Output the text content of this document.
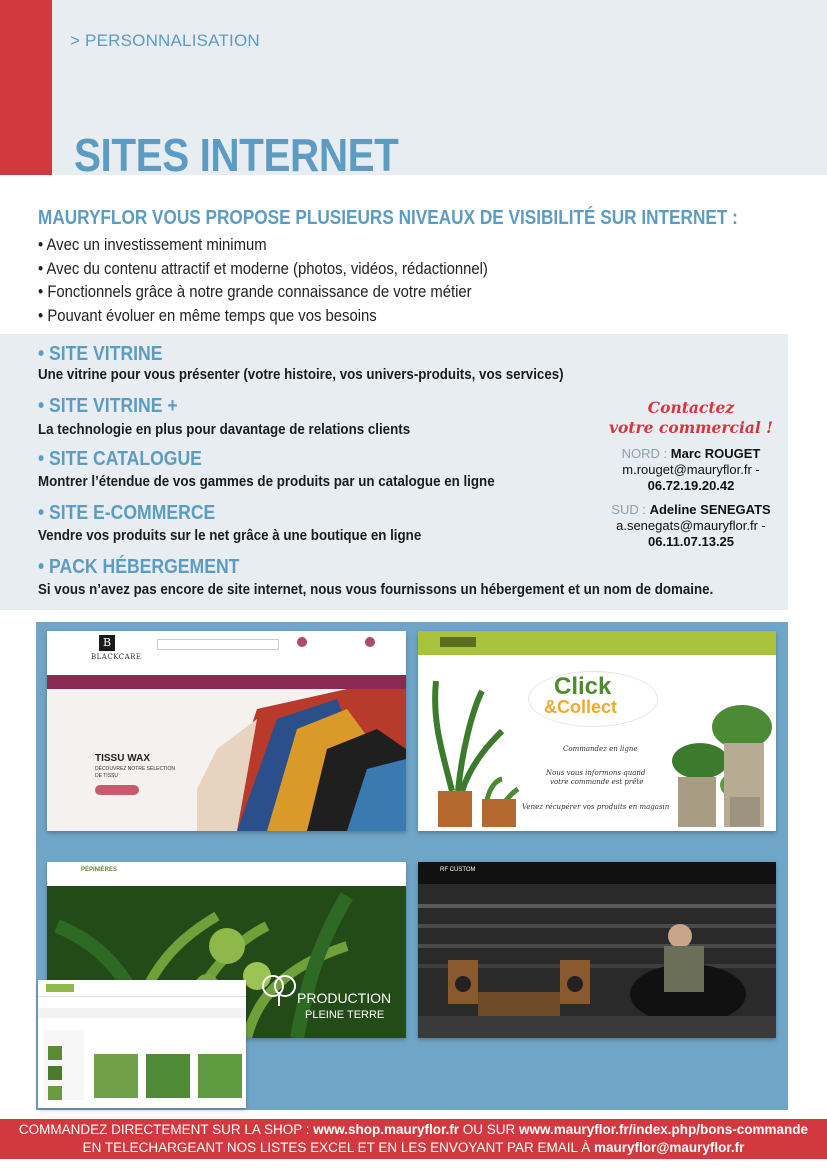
> PERSONNALISATION
SITES INTERNET
MAURYFLOR VOUS PROPOSE PLUSIEURS NIVEAUX DE VISIBILITÉ SUR INTERNET :
• Avec un investissement minimum
• Avec du contenu attractif et moderne (photos, vidéos, rédactionnel)
• Fonctionnels grâce à notre grande connaissance de votre métier
• Pouvant évoluer en même temps que vos besoins
• SITE VITRINE
Une vitrine pour vous présenter (votre histoire, vos univers-produits, vos services)
• SITE VITRINE +
La technologie en plus pour davantage de relations clients
• SITE CATALOGUE
Montrer l’étendue de vos gammes de produits par un catalogue en ligne
• SITE E-COMMERCE
Vendre vos produits sur le net grâce à une boutique en ligne
• PACK HÉBERGEMENT
Si vous n’avez pas encore de site internet, nous vous fournissons un hébergement et un nom de domaine.
Contactez
votre commercial !
NORD : Marc ROUGET
m.rouget@mauryflor.fr -
06.72.19.20.42
SUD : Adeline SENEGATS
a.senegats@mauryflor.fr -
06.11.07.13.25
B
BLACKCARE
TISSU WAX
DÉCOUVREZ NOTRE SÉLECTION
DE TISSU
Click
&Collect
Commandez en ligne
Nous vous informons quand
votre commande est prête
Venez récupérer vos produits en magasin
PÉPINIÈRES
PRODUCTION
PLEINE TERRE
RF CUSTOM
COMMANDEZ DIRECTEMENT SUR LA SHOP : www.shop.mauryflor.fr OU SUR www.mauryflor.fr/index.php/bons-commande
EN TELECHARGEANT NOS LISTES EXCEL ET EN LES ENVOYANT PAR EMAIL À mauryflor@mauryflor.fr
